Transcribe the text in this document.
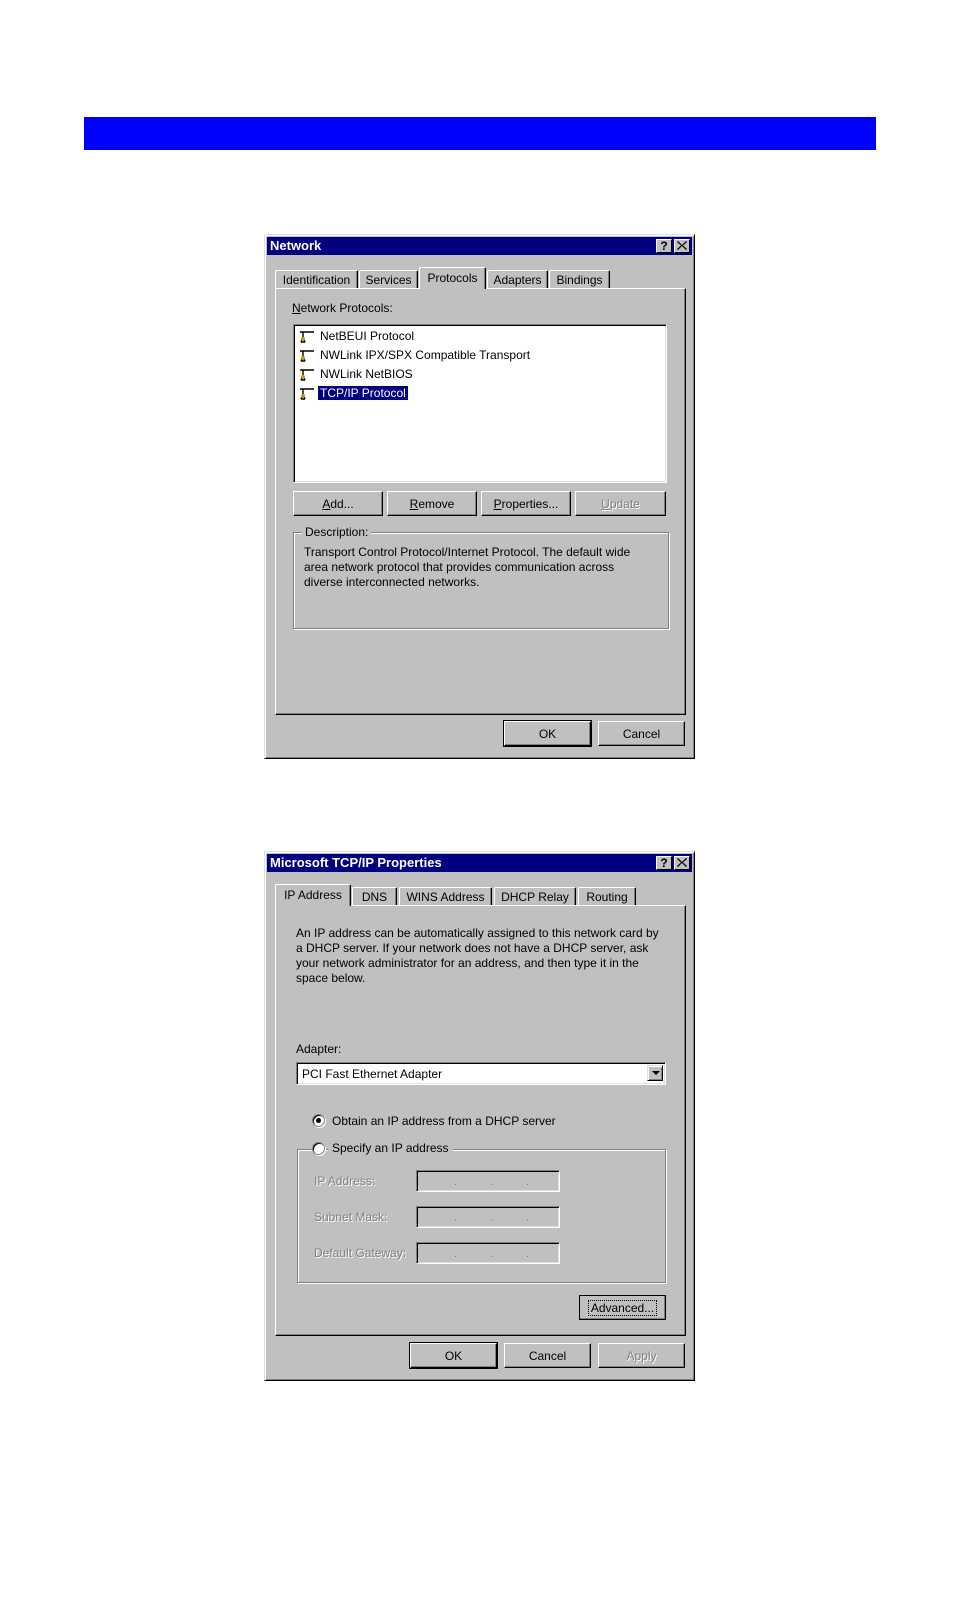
Network	?
Identification	Services	Protocols	Adapters	Bindings
Network Protocols:
NetBEUI Protocol
NWLink IPX/SPX Compatible Transport
NWLink NetBIOS
TCP/IP Protocol
Add...	Remove	Properties...	Update
Description:
Transport Control Protocol/Internet Protocol. The default wide area network protocol that provides communication across diverse interconnected networks.
OK	Cancel
Microsoft TCP/IP Properties	?
IP Address	DNS	WINS Address	DHCP Relay	Routing
An IP address can be automatically assigned to this network card by a DHCP server. If your network does not have a DHCP server, ask your network administrator for an address, and then type it in the space below.
Adapter:
PCI Fast Ethernet Adapter
Obtain an IP address from a DHCP server
Specify an IP address
IP Address:	.	.	.
Subnet Mask:	.	.	.
Default Gateway:	.	.	.
Advanced...
OK	Cancel	Apply
